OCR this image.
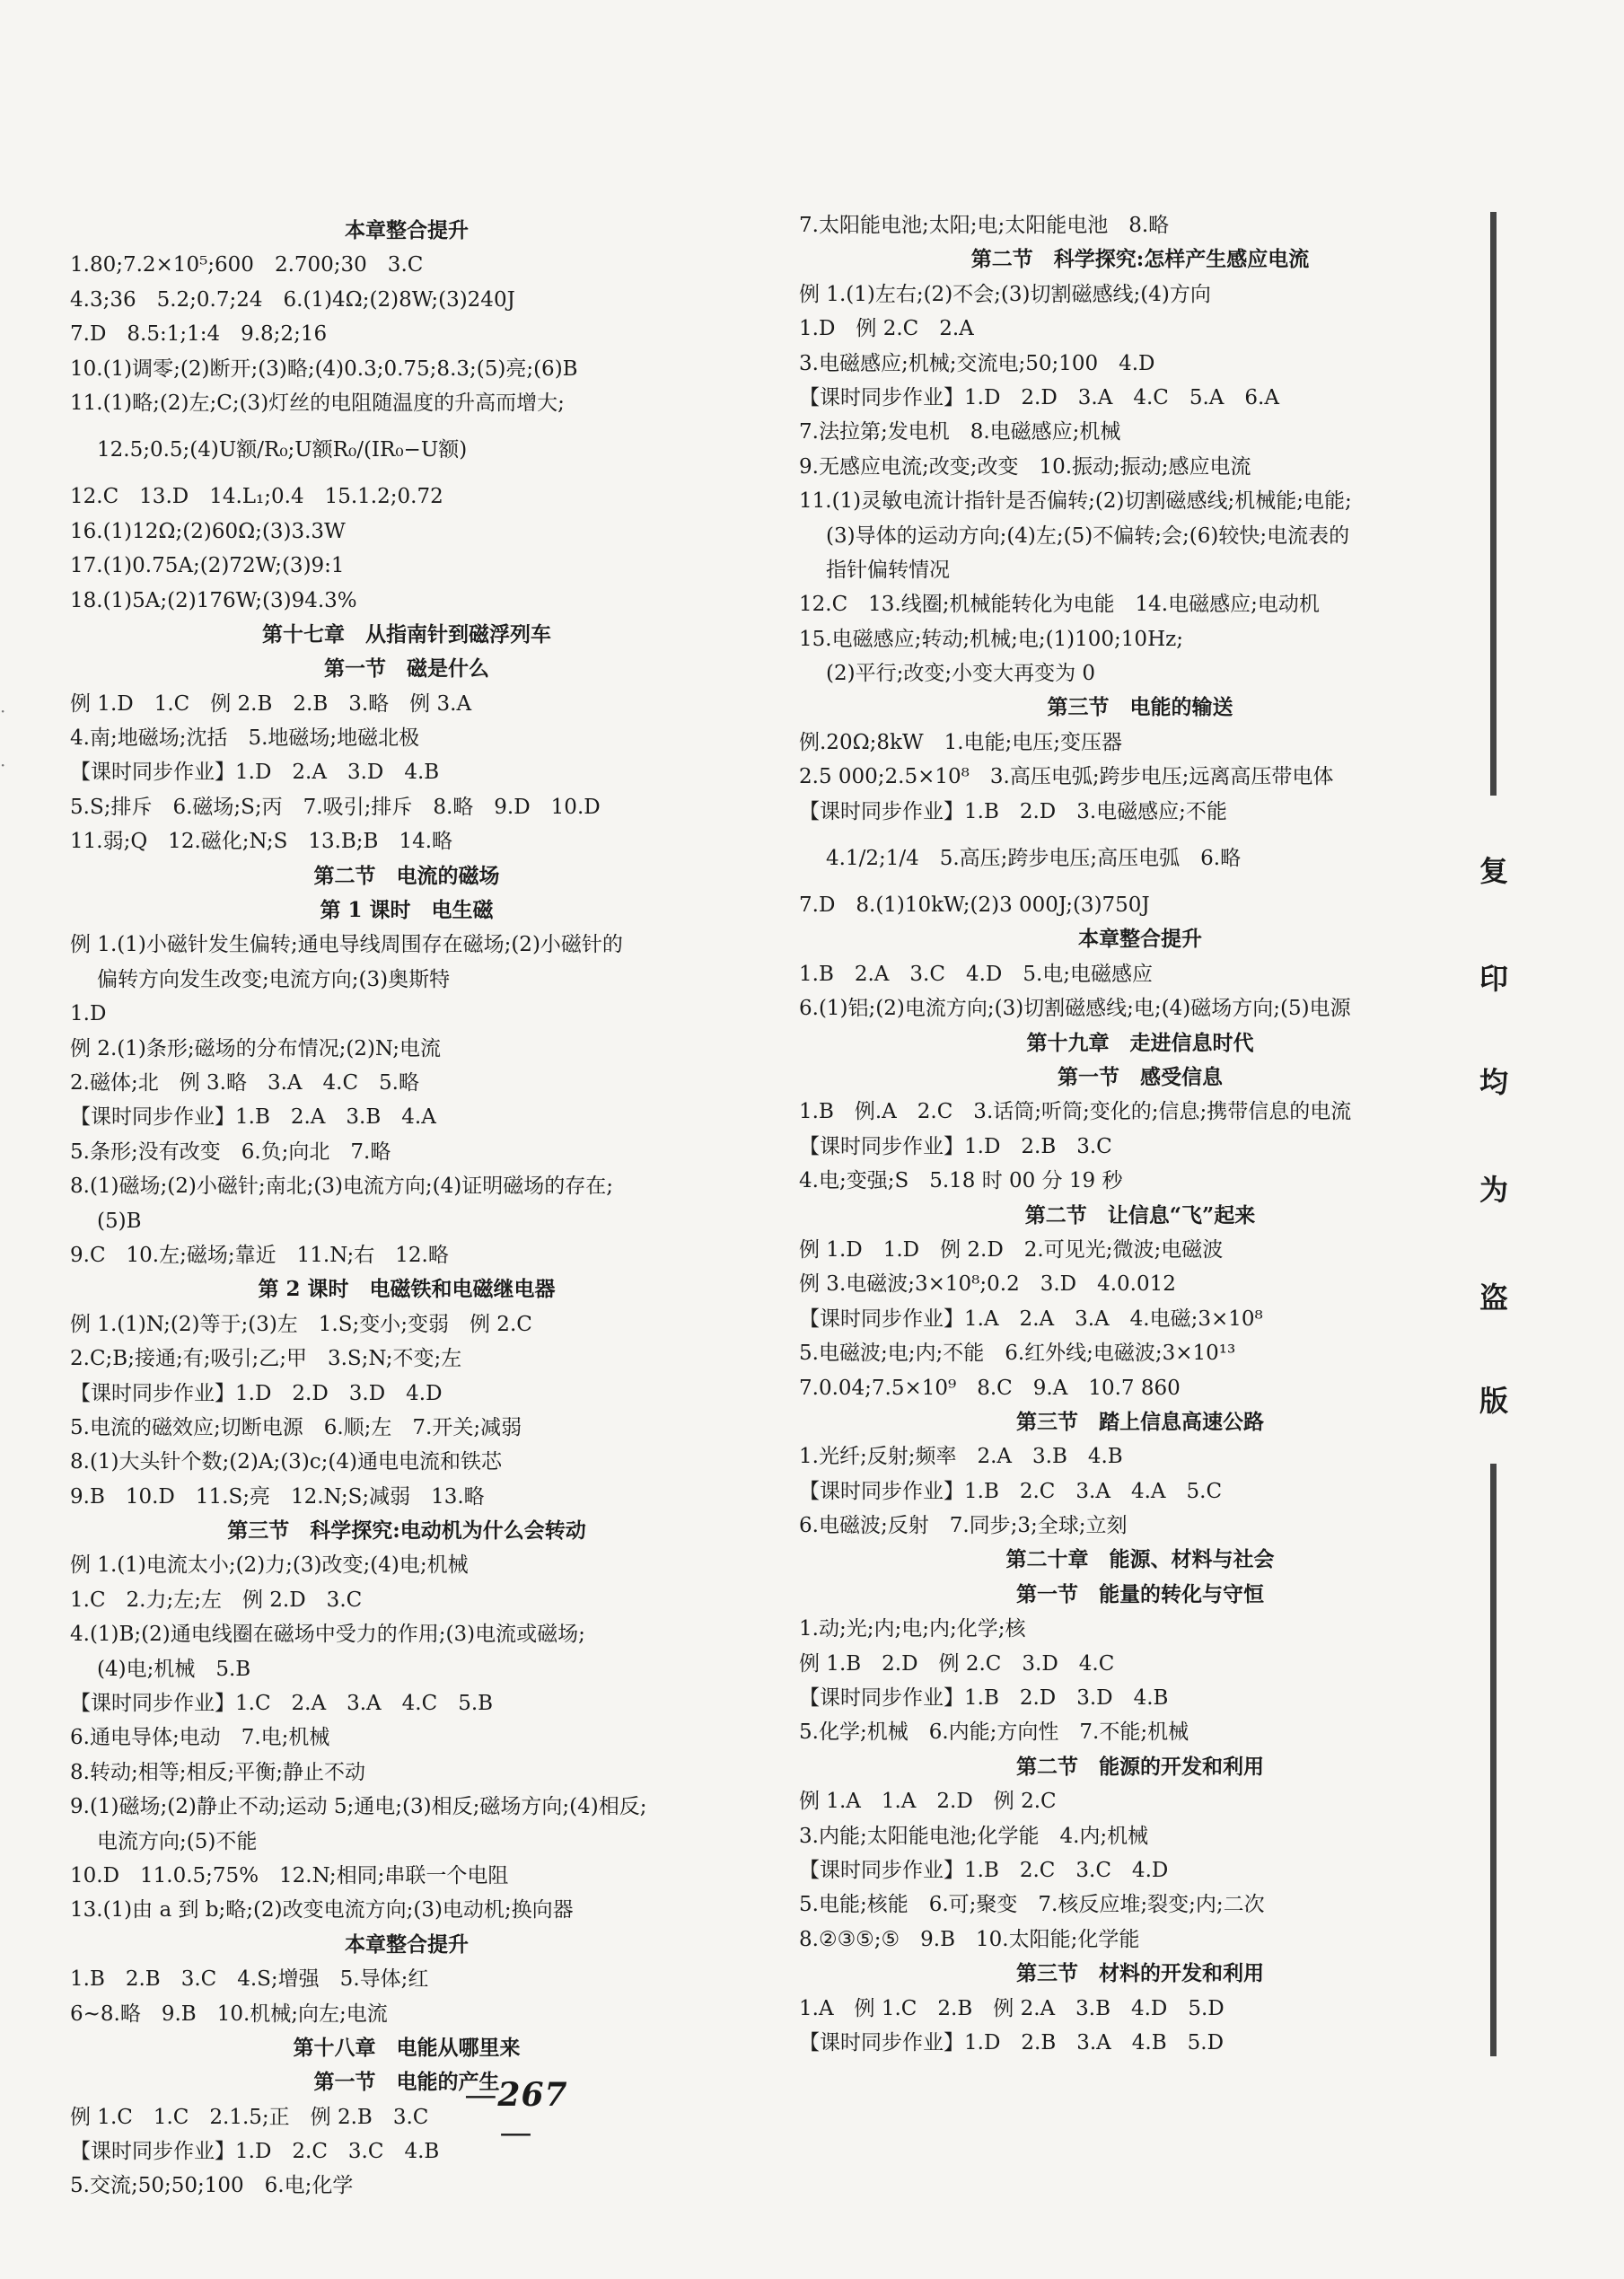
本章整合提升
1.80;7.2×10⁵;600　2.700;30　3.C
4.3;36　5.2;0.7;24　6.(1)4Ω;(2)8W;(3)240J
7.D　8.5:1;1:4　9.8;2;16
10.(1)调零;(2)断开;(3)略;(4)0.3;0.75;8.3;(5)亮;(6)B
11.(1)略;(2)左;C;(3)灯丝的电阻随温度的升高而增大;
12.5;0.5;(4)U额/R₀;U额R₀/(IR₀−U额)
12.C　13.D　14.L₁;0.4　15.1.2;0.72
16.(1)12Ω;(2)60Ω;(3)3.3W
17.(1)0.75A;(2)72W;(3)9:1
18.(1)5A;(2)176W;(3)94.3%
第十七章　从指南针到磁浮列车
第一节　磁是什么
例 1.D　1.C　例 2.B　2.B　3.略　例 3.A
4.南;地磁场;沈括　5.地磁场;地磁北极
【课时同步作业】1.D　2.A　3.D　4.B
5.S;排斥　6.磁场;S;丙　7.吸引;排斥　8.略　9.D　10.D
11.弱;Q　12.磁化;N;S　13.B;B　14.略
第二节　电流的磁场
第 1 课时　电生磁
例 1.(1)小磁针发生偏转;通电导线周围存在磁场;(2)小磁针的
偏转方向发生改变;电流方向;(3)奥斯特
1.D
例 2.(1)条形;磁场的分布情况;(2)N;电流
2.磁体;北　例 3.略　3.A　4.C　5.略
【课时同步作业】1.B　2.A　3.B　4.A
5.条形;没有改变　6.负;向北　7.略
8.(1)磁场;(2)小磁针;南北;(3)电流方向;(4)证明磁场的存在;
(5)B
9.C　10.左;磁场;靠近　11.N;右　12.略
第 2 课时　电磁铁和电磁继电器
例 1.(1)N;(2)等于;(3)左　1.S;变小;变弱　例 2.C
2.C;B;接通;有;吸引;乙;甲　3.S;N;不变;左
【课时同步作业】1.D　2.D　3.D　4.D
5.电流的磁效应;切断电源　6.顺;左　7.开关;减弱
8.(1)大头针个数;(2)A;(3)c;(4)通电电流和铁芯
9.B　10.D　11.S;亮　12.N;S;减弱　13.略
第三节　科学探究:电动机为什么会转动
例 1.(1)电流太小;(2)力;(3)改变;(4)电;机械
1.C　2.力;左;左　例 2.D　3.C
4.(1)B;(2)通电线圈在磁场中受力的作用;(3)电流或磁场;
(4)电;机械　5.B
【课时同步作业】1.C　2.A　3.A　4.C　5.B
6.通电导体;电动　7.电;机械
8.转动;相等;相反;平衡;静止不动
9.(1)磁场;(2)静止不动;运动 5;通电;(3)相反;磁场方向;(4)相反;
电流方向;(5)不能
10.D　11.0.5;75%　12.N;相同;串联一个电阻
13.(1)由 a 到 b;略;(2)改变电流方向;(3)电动机;换向器
本章整合提升
1.B　2.B　3.C　4.S;增强　5.导体;红
6~8.略　9.B　10.机械;向左;电流
第十八章　电能从哪里来
第一节　电能的产生
例 1.C　1.C　2.1.5;正　例 2.B　3.C
【课时同步作业】1.D　2.C　3.C　4.B
5.交流;50;50;100　6.电;化学
7.太阳能电池;太阳;电;太阳能电池　8.略
第二节　科学探究:怎样产生感应电流
例 1.(1)左右;(2)不会;(3)切割磁感线;(4)方向
1.D　例 2.C　2.A
3.电磁感应;机械;交流电;50;100　4.D
【课时同步作业】1.D　2.D　3.A　4.C　5.A　6.A
7.法拉第;发电机　8.电磁感应;机械
9.无感应电流;改变;改变　10.振动;振动;感应电流
11.(1)灵敏电流计指针是否偏转;(2)切割磁感线;机械能;电能;
(3)导体的运动方向;(4)左;(5)不偏转;会;(6)较快;电流表的
指针偏转情况
12.C　13.线圈;机械能转化为电能　14.电磁感应;电动机
15.电磁感应;转动;机械;电;(1)100;10Hz;
(2)平行;改变;小变大再变为 0
第三节　电能的输送
例.20Ω;8kW　1.电能;电压;变压器
2.5 000;2.5×10⁸　3.高压电弧;跨步电压;远离高压带电体
【课时同步作业】1.B　2.D　3.电磁感应;不能
4.1/2;1/4　5.高压;跨步电压;高压电弧　6.略
7.D　8.(1)10kW;(2)3 000J;(3)750J
本章整合提升
1.B　2.A　3.C　4.D　5.电;电磁感应
6.(1)铝;(2)电流方向;(3)切割磁感线;电;(4)磁场方向;(5)电源
第十九章　走进信息时代
第一节　感受信息
1.B　例.A　2.C　3.话筒;听筒;变化的;信息;携带信息的电流
【课时同步作业】1.D　2.B　3.C
4.电;变强;S　5.18 时 00 分 19 秒
第二节　让信息“飞”起来
例 1.D　1.D　例 2.D　2.可见光;微波;电磁波
例 3.电磁波;3×10⁸;0.2　3.D　4.0.012
【课时同步作业】1.A　2.A　3.A　4.电磁;3×10⁸
5.电磁波;电;内;不能　6.红外线;电磁波;3×10¹³
7.0.04;7.5×10⁹　8.C　9.A　10.7 860
第三节　踏上信息高速公路
1.光纤;反射;频率　2.A　3.B　4.B
【课时同步作业】1.B　2.C　3.A　4.A　5.C
6.电磁波;反射　7.同步;3;全球;立刻
第二十章　能源、材料与社会
第一节　能量的转化与守恒
1.动;光;内;电;内;化学;核
例 1.B　2.D　例 2.C　3.D　4.C
【课时同步作业】1.B　2.D　3.D　4.B
5.化学;机械　6.内能;方向性　7.不能;机械
第二节　能源的开发和利用
例 1.A　1.A　2.D　例 2.C
3.内能;太阳能电池;化学能　4.内;机械
【课时同步作业】1.B　2.C　3.C　4.D
5.电能;核能　6.可;聚变　7.核反应堆;裂变;内;二次
8.②③⑤;⑤　9.B　10.太阳能;化学能
第三节　材料的开发和利用
1.A　例 1.C　2.B　例 2.A　3.B　4.D　5.D
【课时同步作业】1.D　2.B　3.A　4.B　5.D
— 267 —
复
印
均
为
盗
版
·
·
